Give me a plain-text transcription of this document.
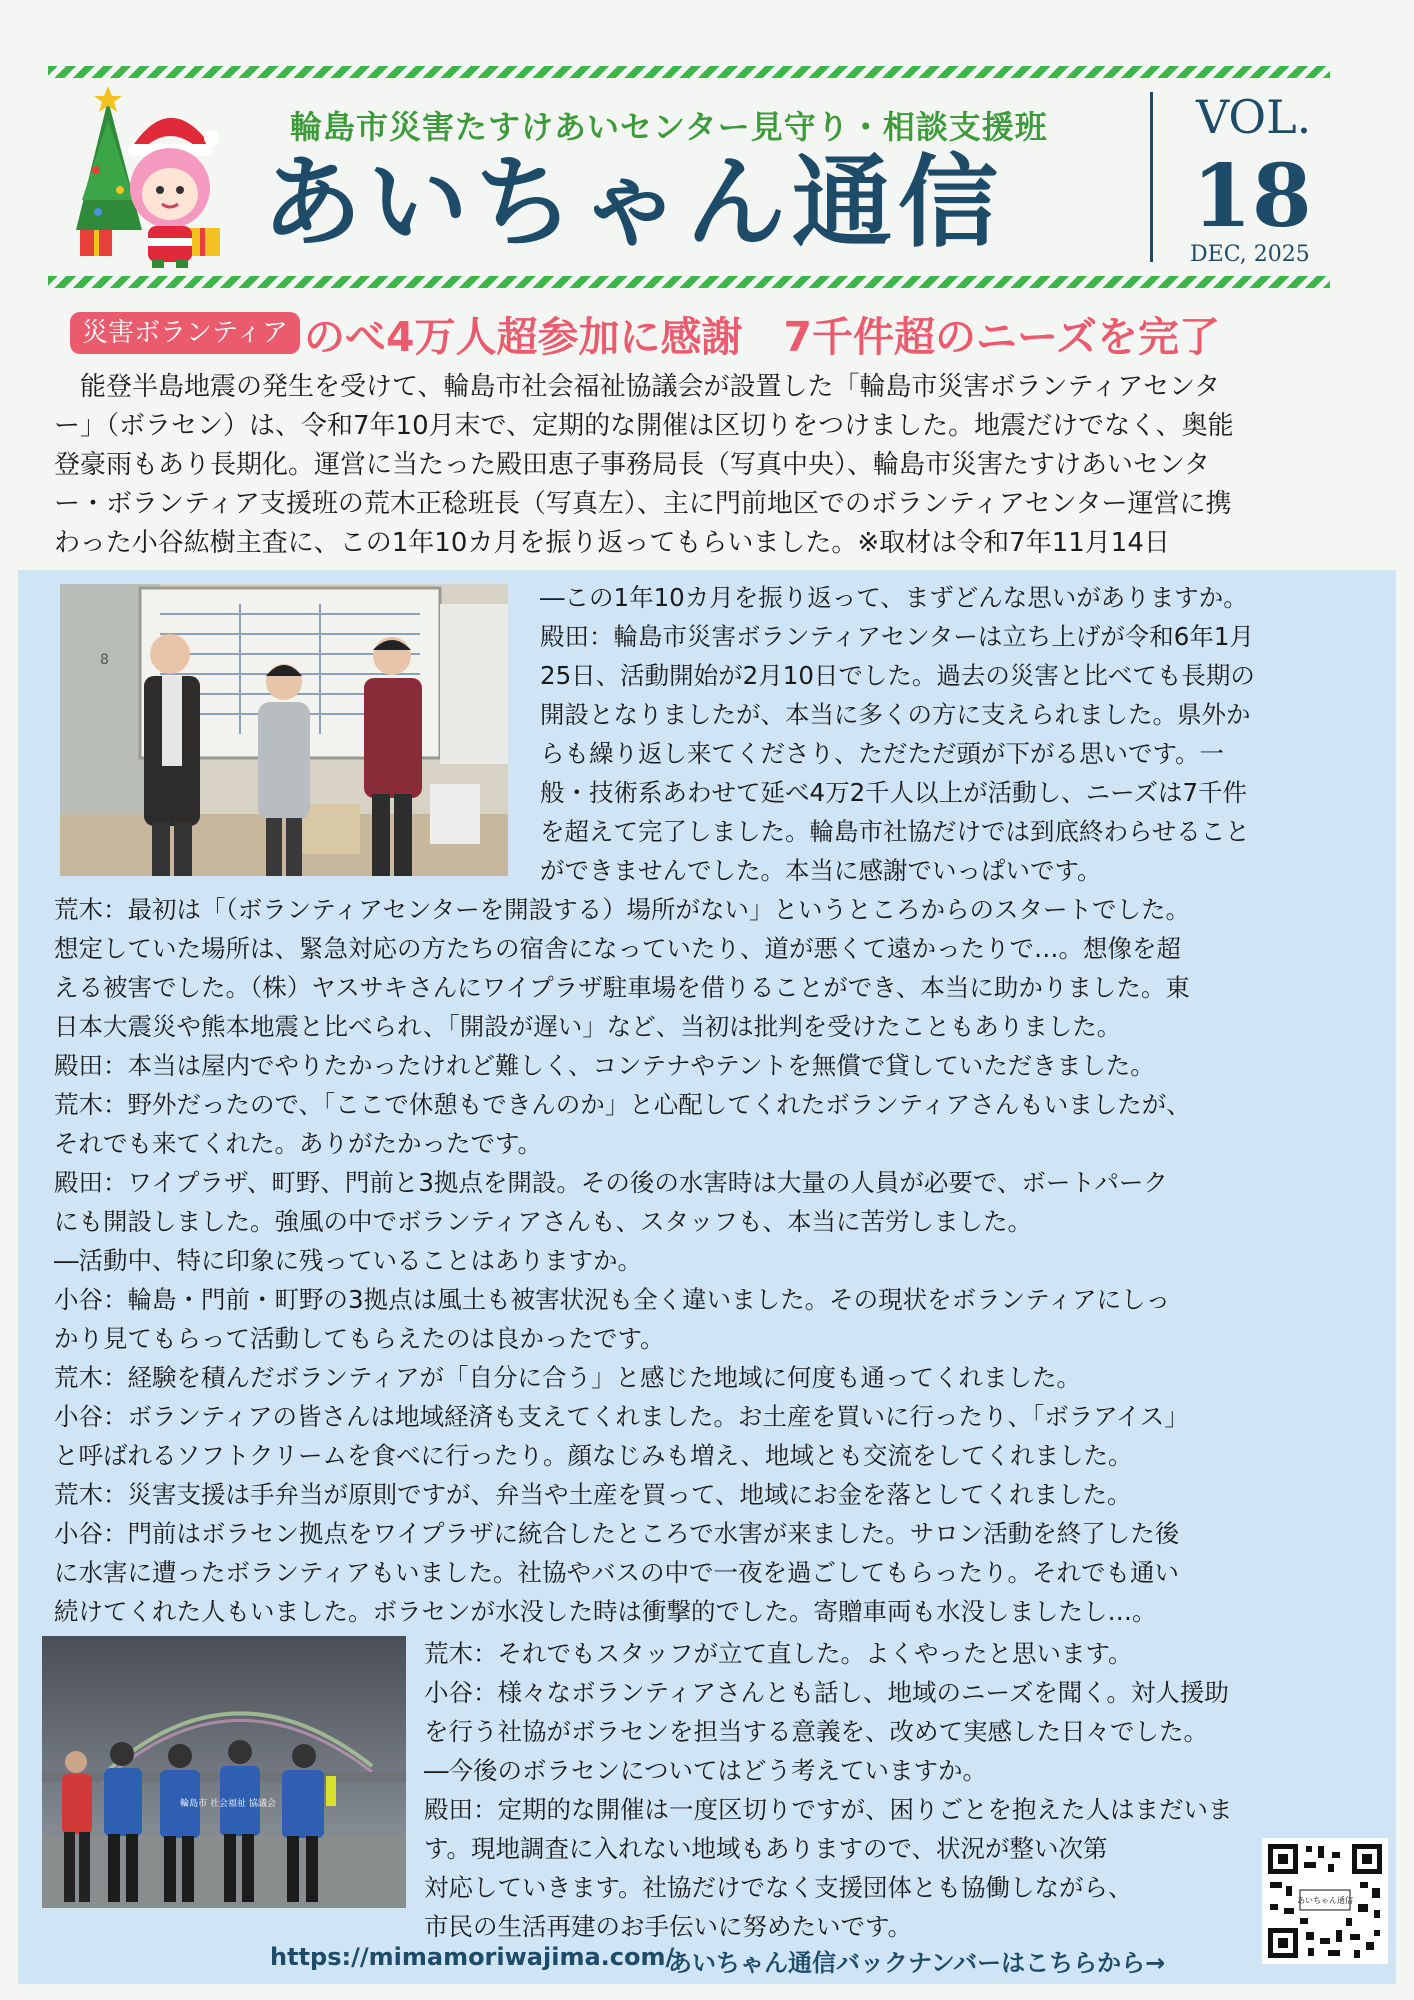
輪島市災害たすけあいセンター見守り・相談支援班
あいちゃん通信
VOL.
18
DEC, 2025
災害ボランティア のべ4万人超参加に感謝　7千件超のニーズを完了
　能登半島地震の発生を受けて、輪島市社会福祉協議会が設置した「輪島市災害ボランティアセンタ
ー」（ボラセン）は、令和7年10月末で、定期的な開催は区切りをつけました。地震だけでなく、奥能
登豪雨もあり長期化。運営に当たった殿田恵子事務局長（写真中央）、輪島市災害たすけあいセンタ
ー・ボランティア支援班の荒木正稔班長（写真左）、主に門前地区でのボランティアセンター運営に携
わった小谷紘樹主査に、この1年10カ月を振り返ってもらいました。※取材は令和7年11月14日
8

―この1年10カ月を振り返って、まずどんな思いがありますか。

殿田：輪島市災害ボランティアセンターは立ち上げが令和6年1月

25日、活動開始が2月10日でした。過去の災害と比べても長期の

開設となりましたが、本当に多くの方に支えられました。県外か

らも繰り返し来てくださり、ただただ頭が下がる思いです。一

般・技術系あわせて延べ4万2千人以上が活動し、ニーズは7千件

を超えて完了しました。輪島市社協だけでは到底終わらせること

ができませんでした。本当に感謝でいっぱいです。

荒木：最初は「（ボランティアセンターを開設する）場所がない」というところからのスタートでした。

想定していた場所は、緊急対応の方たちの宿舎になっていたり、道が悪くて遠かったりで…。想像を超

える被害でした。（株）ヤスサキさんにワイプラザ駐車場を借りることができ、本当に助かりました。東

日本大震災や熊本地震と比べられ、「開設が遅い」など、当初は批判を受けたこともありました。

殿田：本当は屋内でやりたかったけれど難しく、コンテナやテントを無償で貸していただきました。

荒木：野外だったので、「ここで休憩もできんのか」と心配してくれたボランティアさんもいましたが、

それでも来てくれた。ありがたかったです。

殿田：ワイプラザ、町野、門前と3拠点を開設。その後の水害時は大量の人員が必要で、ボートパーク

にも開設しました。強風の中でボランティアさんも、スタッフも、本当に苦労しました。

―活動中、特に印象に残っていることはありますか。

小谷：輪島・門前・町野の3拠点は風土も被害状況も全く違いました。その現状をボランティアにしっ

かり見てもらって活動してもらえたのは良かったです。

荒木：経験を積んだボランティアが「自分に合う」と感じた地域に何度も通ってくれました。

小谷：ボランティアの皆さんは地域経済も支えてくれました。お土産を買いに行ったり、「ボラアイス」

と呼ばれるソフトクリームを食べに行ったり。顔なじみも増え、地域とも交流をしてくれました。

荒木：災害支援は手弁当が原則ですが、弁当や土産を買って、地域にお金を落としてくれました。

小谷：門前はボラセン拠点をワイプラザに統合したところで水害が来ました。サロン活動を終了した後

に水害に遭ったボランティアもいました。社協やバスの中で一夜を過ごしてもらったり。それでも通い

続けてくれた人もいました。ボラセンが水没した時は衝撃的でした。寄贈車両も水没しましたし…。

輪島市 社会福祉 協議会

荒木：それでもスタッフが立て直した。よくやったと思います。

小谷：様々なボランティアさんとも話し、地域のニーズを聞く。対人援助

を行う社協がボラセンを担当する意義を、改めて実感した日々でした。

―今後のボラセンについてはどう考えていますか。

殿田：定期的な開催は一度区切りですが、困りごとを抱えた人はまだいま

す。現地調査に入れない地域もありますので、状況が整い次第

対応していきます。社協だけでなく支援団体とも協働しながら、

市民の生活再建のお手伝いに努めたいです。

あいちゃん通信
https://mimamoriwajima.com/
あいちゃん通信バックナンバーはこちらから→
